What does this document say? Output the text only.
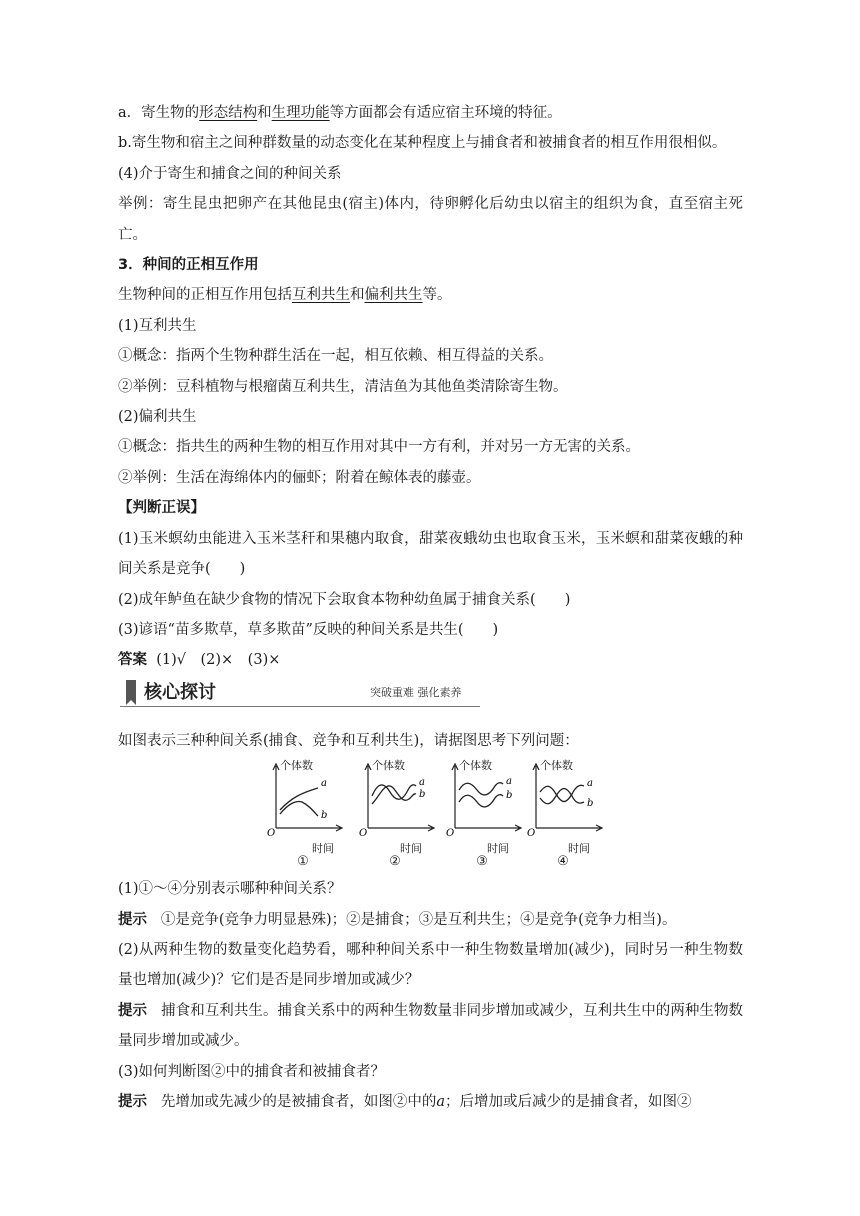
a．寄生物的形态结构和生理功能等方面都会有适应宿主环境的特征。
b.寄生物和宿主之间种群数量的动态变化在某种程度上与捕食者和被捕食者的相互作用很相似。
(4)介于寄生和捕食之间的种间关系
举例：寄生昆虫把卵产在其他昆虫(宿主)体内，待卵孵化后幼虫以宿主的组织为食，直至宿主死亡。
3．种间的正相互作用
生物种间的正相互作用包括互利共生和偏利共生等。
(1)互利共生
①概念：指两个生物种群生活在一起，相互依赖、相互得益的关系。
②举例：豆科植物与根瘤菌互利共生，清洁鱼为其他鱼类清除寄生物。
(2)偏利共生
①概念：指共生的两种生物的相互作用对其中一方有利，并对另一方无害的关系。
②举例：生活在海绵体内的俪虾；附着在鲸体表的藤壶。
【判断正误】
(1)玉米螟幼虫能进入玉米茎秆和果穗内取食，甜菜夜蛾幼虫也取食玉米，玉米螟和甜菜夜蛾的种间关系是竞争(　　)
(2)成年鲈鱼在缺少食物的情况下会取食本物种幼鱼属于捕食关系(　　)
(3)谚语“苗多欺草，草多欺苗”反映的种间关系是共生(　　)
答案 (1)√　(2)×　(3)×
核心探讨	突破重难 强化素养
如图表示三种种间关系(捕食、竞争和互利共生)，请据图思考下列问题：
a
b
O
个体数
时间
①
a
b
O
个体数
时间
②
a
b
O
个体数
时间
③
a
b
O
个体数
时间
④
(1)①～④分别表示哪种种间关系？
提示 ①是竞争(竞争力明显悬殊)；②是捕食；③是互利共生；④是竞争(竞争力相当)。
(2)从两种生物的数量变化趋势看，哪种种间关系中一种生物数量增加(减少)，同时另一种生物数量也增加(减少)？它们是否是同步增加或减少？
提示 捕食和互利共生。捕食关系中的两种生物数量非同步增加或减少，互利共生中的两种生物数量同步增加或减少。
(3)如何判断图②中的捕食者和被捕食者？
提示 先增加或先减少的是被捕食者，如图②中的a；后增加或后减少的是捕食者，如图②
